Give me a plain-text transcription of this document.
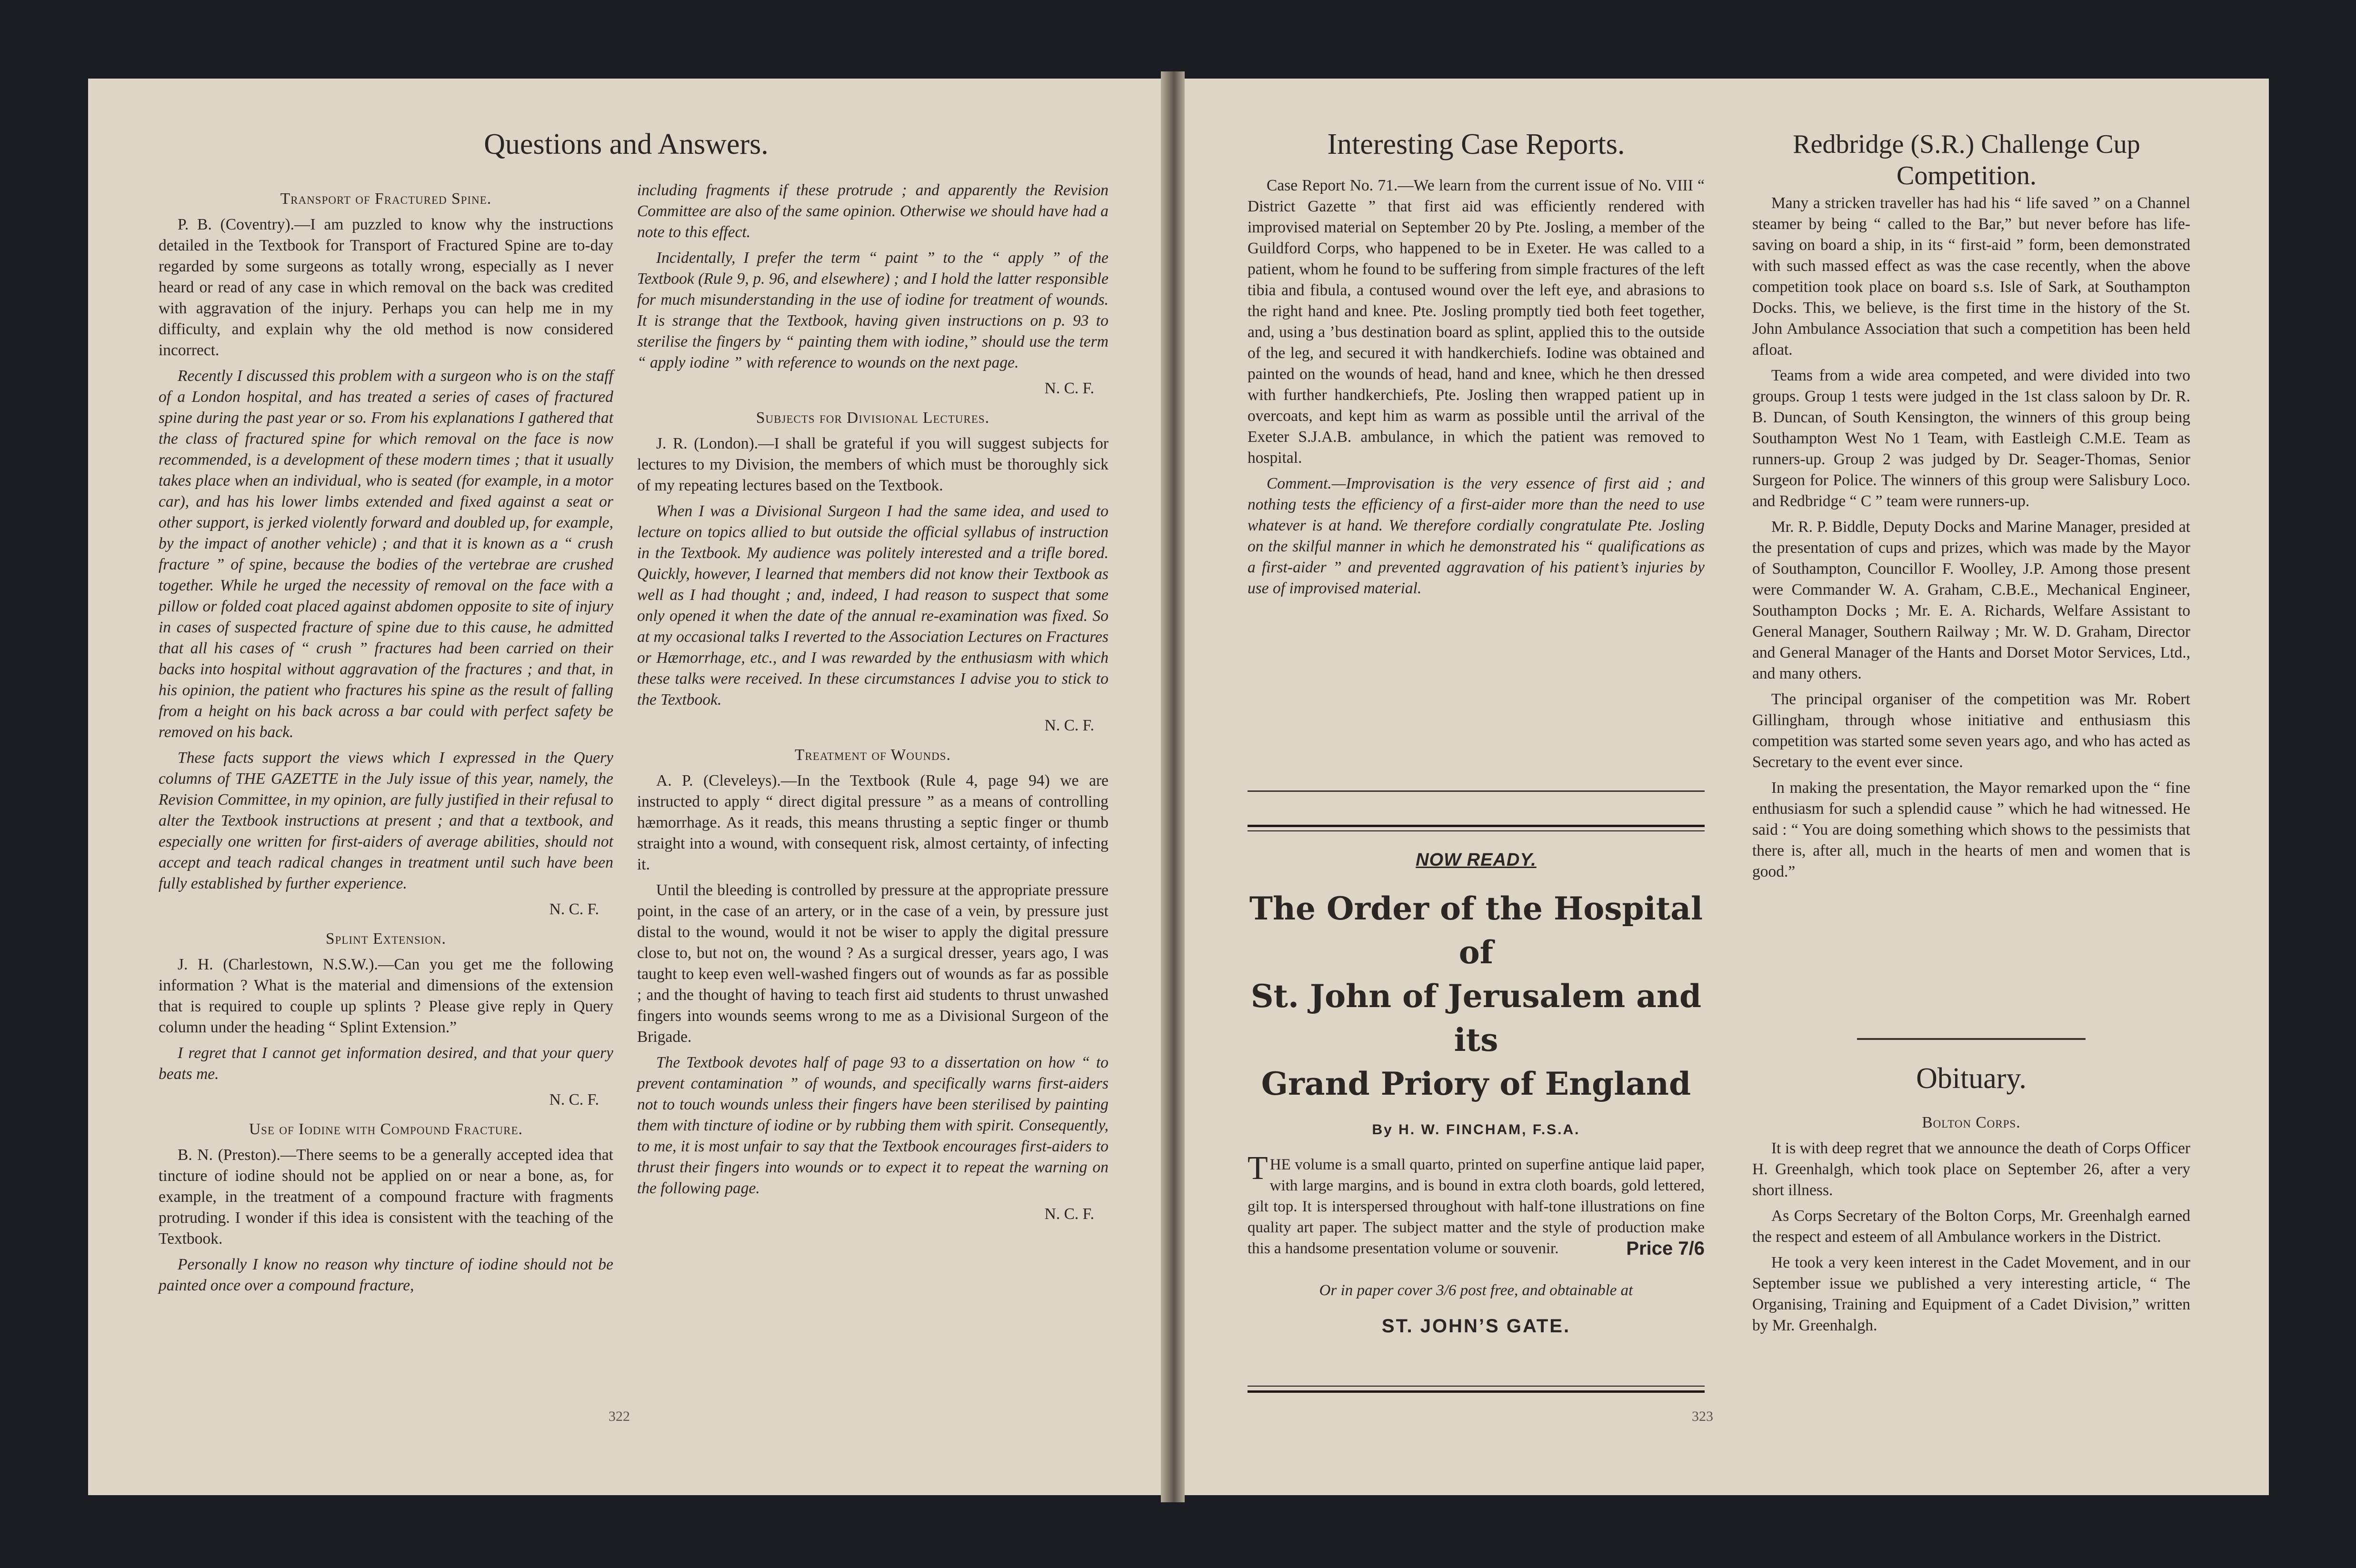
Questions and Answers.

Transport of Fractured Spine.

P. B. (Coventry).—I am puzzled to know why the instructions detailed in the Textbook for Transport of Fractured Spine are to-day regarded by some surgeons as totally wrong, especially as I never heard or read of any case in which removal on the back was credited with aggravation of the injury. Perhaps you can help me in my difficulty, and explain why the old method is now considered incorrect.

Recently I discussed this problem with a surgeon who is on the staff of a London hospital, and has treated a series of cases of fractured spine during the past year or so. From his explanations I gathered that the class of fractured spine for which removal on the face is now recommended, is a development of these modern times ; that it usually takes place when an individual, who is seated (for example, in a motor car), and has his lower limbs extended and fixed against a seat or other support, is jerked violently forward and doubled up, for example, by the impact of another vehicle) ; and that it is known as a “ crush fracture ” of spine, because the bodies of the vertebrae are crushed together. While he urged the necessity of removal on the face with a pillow or folded coat placed against abdomen opposite to site of injury in cases of suspected fracture of spine due to this cause, he admitted that all his cases of “ crush ” fractures had been carried on their backs into hospital without aggravation of the fractures ; and that, in his opinion, the patient who fractures his spine as the result of falling from a height on his back across a bar could with perfect safety be removed on his back.

These facts support the views which I expressed in the Query columns of THE GAZETTE in the July issue of this year, namely, the Revision Committee, in my opinion, are fully justified in their refusal to alter the Textbook instructions at present ; and that a textbook, and especially one written for first-aiders of average abilities, should not accept and teach radical changes in treatment until such have been fully established by further experience.

N. C. F.

Splint Extension.

J. H. (Charlestown, N.S.W.).—Can you get me the following information ? What is the material and dimensions of the extension that is required to couple up splints ? Please give reply in Query column under the heading “ Splint Extension.”

I regret that I cannot get information desired, and that your query beats me.

N. C. F.

Use of Iodine with Compound Fracture.

B. N. (Preston).—There seems to be a generally accepted idea that tincture of iodine should not be applied on or near a bone, as, for example, in the treatment of a compound fracture with fragments protruding. I wonder if this idea is consistent with the teaching of the Textbook.

Personally I know no reason why tincture of iodine should not be painted once over a compound fracture,

including fragments if these protrude ; and apparently the Revision Committee are also of the same opinion. Otherwise we should have had a note to this effect.

Incidentally, I prefer the term “ paint ” to the “ apply ” of the Textbook (Rule 9, p. 96, and elsewhere) ; and I hold the latter responsible for much misunderstanding in the use of iodine for treatment of wounds. It is strange that the Textbook, having given instructions on p. 93 to sterilise the fingers by “ painting them with iodine,” should use the term “ apply iodine ” with reference to wounds on the next page.

N. C. F.

Subjects for Divisional Lectures.

J. R. (London).—I shall be grateful if you will suggest subjects for lectures to my Division, the members of which must be thoroughly sick of my repeating lectures based on the Textbook.

When I was a Divisional Surgeon I had the same idea, and used to lecture on topics allied to but outside the official syllabus of instruction in the Textbook. My audience was politely interested and a trifle bored. Quickly, however, I learned that members did not know their Textbook as well as I had thought ; and, indeed, I had reason to suspect that some only opened it when the date of the annual re-examination was fixed. So at my occasional talks I reverted to the Association Lectures on Fractures or Hæmorrhage, etc., and I was rewarded by the enthusiasm with which these talks were received. In these circumstances I advise you to stick to the Textbook.

N. C. F.

Treatment of Wounds.

A. P. (Cleveleys).—In the Textbook (Rule 4, page 94) we are instructed to apply “ direct digital pressure ” as a means of controlling hæmorrhage. As it reads, this means thrusting a septic finger or thumb straight into a wound, with consequent risk, almost certainty, of infecting it.

Until the bleeding is controlled by pressure at the appropriate pressure point, in the case of an artery, or in the case of a vein, by pressure just distal to the wound, would it not be wiser to apply the digital pressure close to, but not on, the wound ? As a surgical dresser, years ago, I was taught to keep even well-washed fingers out of wounds as far as possible ; and the thought of having to teach first aid students to thrust unwashed fingers into wounds seems wrong to me as a Divisional Surgeon of the Brigade.

The Textbook devotes half of page 93 to a dissertation on how “ to prevent contamination ” of wounds, and specifically warns first-aiders not to touch wounds unless their fingers have been sterilised by painting them with tincture of iodine or by rubbing them with spirit. Consequently, to me, it is most unfair to say that the Textbook encourages first-aiders to thrust their fingers into wounds or to expect it to repeat the warning on the following page.

N. C. F.

322
Interesting Case Reports.

Case Report No. 71.—We learn from the current issue of No. VIII “ District Gazette ” that first aid was efficiently rendered with improvised material on September 20 by Pte. Josling, a member of the Guildford Corps, who happened to be in Exeter. He was called to a patient, whom he found to be suffering from simple fractures of the left tibia and fibula, a contused wound over the left eye, and abrasions to the right hand and knee. Pte. Josling promptly tied both feet together, and, using a ’bus destination board as splint, applied this to the outside of the leg, and secured it with handkerchiefs. Iodine was obtained and painted on the wounds of head, hand and knee, which he then dressed with further handkerchiefs, Pte. Josling then wrapped patient up in overcoats, and kept him as warm as possible until the arrival of the Exeter S.J.A.B. ambulance, in which the patient was removed to hospital.

Comment.—Improvisation is the very essence of first aid ; and nothing tests the efficiency of a first-aider more than the need to use whatever is at hand. We therefore cordially congratulate Pte. Josling on the skilful manner in which he demonstrated his “ qualifications as a first-aider ” and prevented aggravation of his patient’s injuries by use of improvised material.

NOW READY.
The Order of the Hospital of
St. John of Jerusalem and its
Grand Priory of England
By H. W. FINCHAM, F.S.A.
THE volume is a small quarto, printed on superfine antique laid paper, with large margins, and is bound in extra cloth boards, gold lettered, gilt top. It is interspersed throughout with half-tone illustrations on fine quality art paper. The subject matter and the style of production make this a handsome presentation volume or souvenir.	Price 7/6
Or in paper cover 3/6 post free, and obtainable at
ST. JOHN’S GATE.
Redbridge (S.R.) Challenge Cup
Competition.

Many a stricken traveller has had his “ life saved ” on a Channel steamer by being “ called to the Bar,” but never before has life-saving on board a ship, in its “ first-aid ” form, been demonstrated with such massed effect as was the case recently, when the above competition took place on board s.s. Isle of Sark, at Southampton Docks. This, we believe, is the first time in the history of the St. John Ambulance Association that such a competition has been held afloat.

Teams from a wide area competed, and were divided into two groups. Group 1 tests were judged in the 1st class saloon by Dr. R. B. Duncan, of South Kensington, the winners of this group being Southampton West No 1 Team, with Eastleigh C.M.E. Team as runners-up. Group 2 was judged by Dr. Seager-Thomas, Senior Surgeon for Police. The winners of this group were Salisbury Loco. and Redbridge “ C ” team were runners-up.

Mr. R. P. Biddle, Deputy Docks and Marine Manager, presided at the presentation of cups and prizes, which was made by the Mayor of Southampton, Councillor F. Woolley, J.P. Among those present were Commander W. A. Graham, C.B.E., Mechanical Engineer, Southampton Docks ; Mr. E. A. Richards, Welfare Assistant to General Manager, Southern Railway ; Mr. W. D. Graham, Director and General Manager of the Hants and Dorset Motor Services, Ltd., and many others.

The principal organiser of the competition was Mr. Robert Gillingham, through whose initiative and enthusiasm this competition was started some seven years ago, and who has acted as Secretary to the event ever since.

In making the presentation, the Mayor remarked upon the “ fine enthusiasm for such a splendid cause ” which he had witnessed. He said : “ You are doing something which shows to the pessimists that there is, after all, much in the hearts of men and women that is good.”

Obituary.

Bolton Corps.

It is with deep regret that we announce the death of Corps Officer H. Greenhalgh, which took place on September 26, after a very short illness.

As Corps Secretary of the Bolton Corps, Mr. Greenhalgh earned the respect and esteem of all Ambulance workers in the District.

He took a very keen interest in the Cadet Movement, and in our September issue we published a very interesting article, “ The Organising, Training and Equipment of a Cadet Division,” written by Mr. Greenhalgh.

323
